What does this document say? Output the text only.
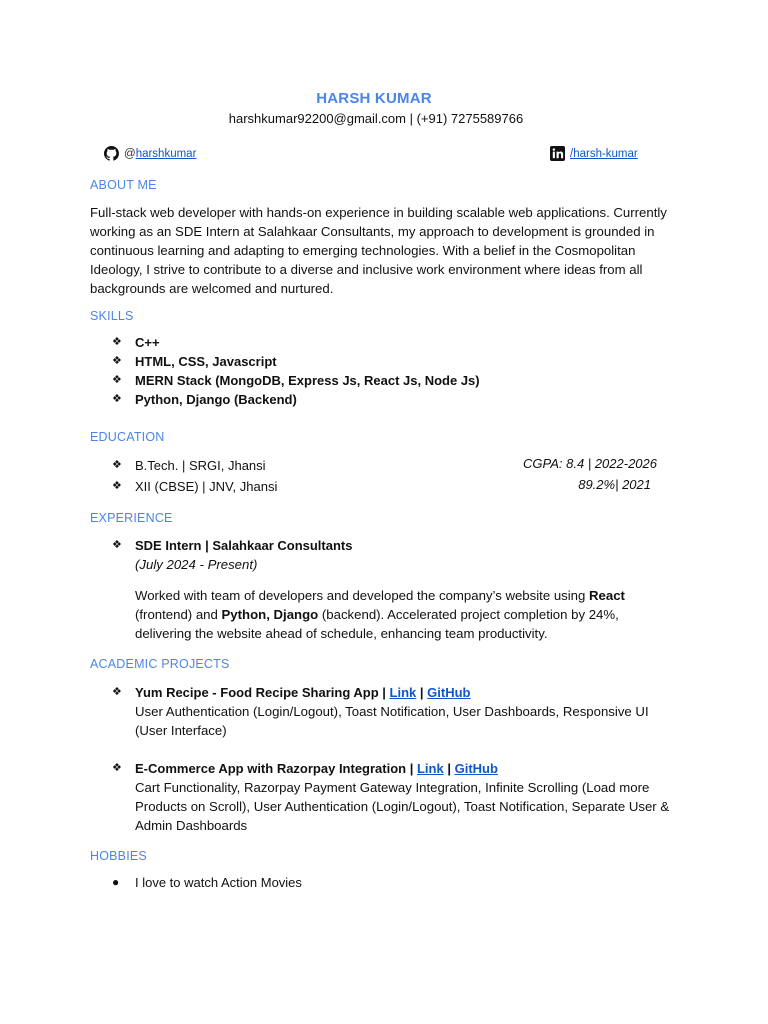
HARSH KUMAR
harshkumar92200@gmail.com | (+91) 7275589766
@ harshkumar	/harsh-kumar
ABOUT ME
Full-stack web developer with hands-on experience in building scalable web applications. Currently working as an SDE Intern at Salahkaar Consultants, my approach to development is grounded in continuous learning and adapting to emerging technologies. With a belief in the Cosmopolitan Ideology, I strive to contribute to a diverse and inclusive work environment where ideas from all backgrounds are welcomed and nurtured.
SKILLS
❖	C++
❖	HTML, CSS, Javascript
❖	MERN Stack (MongoDB, Express Js, React Js, Node Js)
❖	Python, Django (Backend)
EDUCATION
❖	B.Tech. | SRGI, Jhansi	CGPA: 8.4 | 2022-2026
❖	XII (CBSE) | JNV, Jhansi	89.2%| 2021
EXPERIENCE
❖	SDE Intern | Salahkaar Consultants
(July 2024 - Present)
Worked with team of developers and developed the company’s website using React (frontend) and Python, Django (backend). Accelerated project completion by 24%, delivering the website ahead of schedule, enhancing team productivity.
ACADEMIC PROJECTS
❖	Yum Recipe - Food Recipe Sharing App | Link | GitHub
User Authentication (Login/Logout), Toast Notification, User Dashboards, Responsive UI (User Interface)
❖	E-Commerce App with Razorpay Integration | Link | GitHub
Cart Functionality, Razorpay Payment Gateway Integration, Infinite Scrolling (Load more Products on Scroll), User Authentication (Login/Logout), Toast Notification, Separate User & Admin Dashboards
HOBBIES
●	I love to watch Action Movies
